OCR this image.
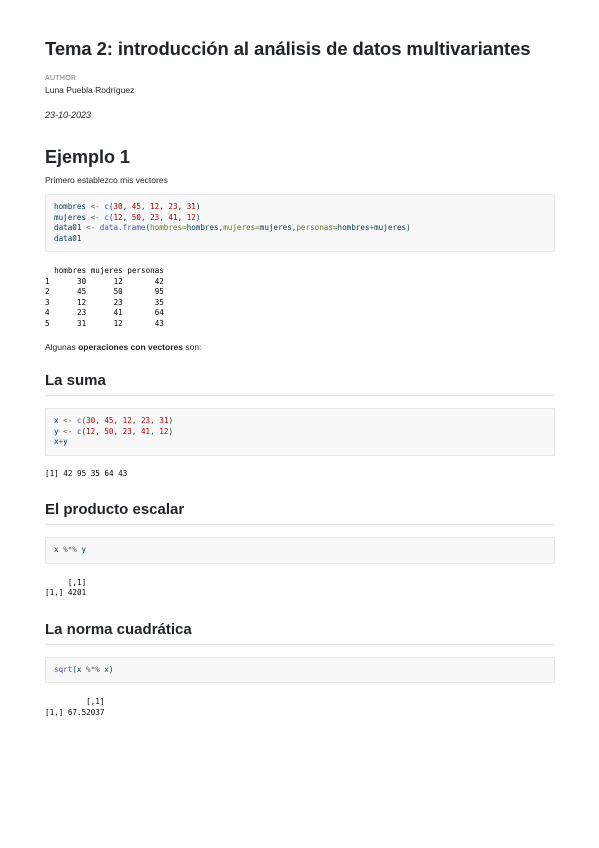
Tema 2: introducción al análisis de datos multivariantes
AUTHOR
Luna Puebla Rodríguez
23-10-2023
Ejemplo 1

Primero establezco mis vectores

hombres <- c(30, 45, 12, 23, 31)
mujeres <- c(12, 50, 23, 41, 12)
data01 <- data.frame(hombres=hombres,mujeres=mujeres,personas=hombres+mujeres)
data01
hombres mujeres personas
1      30      12       42
2      45      50       95
3      12      23       35
4      23      41       64
5      31      12       43

Algunas operaciones con vectores son:

La suma
x <- c(30, 45, 12, 23, 31)
y <- c(12, 50, 23, 41, 12)
x+y
[1] 42 95 35 64 43
El producto escalar
x %*% y
[,1]
[1,] 4201
La norma cuadrática
sqrt(x %*% x)
[,1]
[1,] 67.52037
